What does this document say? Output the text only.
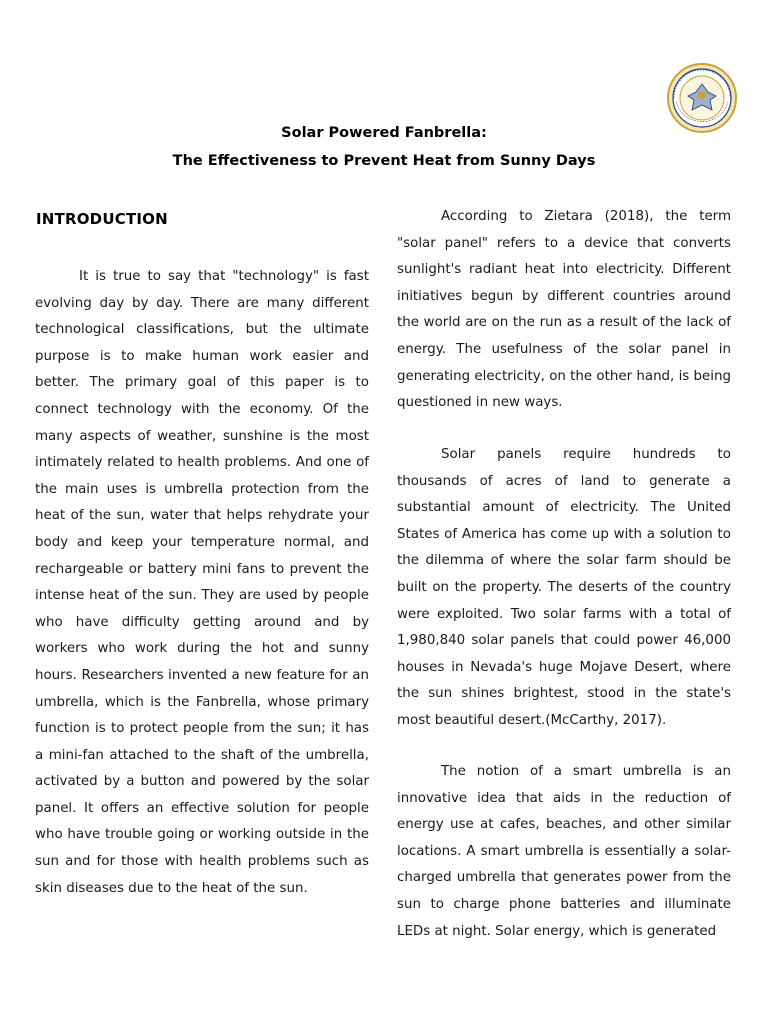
Solar Powered Fanbrella:
The Effectiveness to Prevent Heat from Sunny Days
INTRODUCTION

It is true to say that "technology" is fast evolving day by day. There are many different technological classifications, but the ultimate purpose is to make human work easier and better. The primary goal of this paper is to connect technology with the economy. Of the many aspects of weather, sunshine is the most intimately related to health problems. And one of the main uses is umbrella protection from the heat of the sun, water that helps rehydrate your body and keep your temperature normal, and rechargeable or battery mini fans to prevent the intense heat of the sun. They are used by people who have difficulty getting around and by workers who work during the hot and sunny hours. Researchers invented a new feature for an umbrella, which is the Fanbrella, whose primary function is to protect people from the sun; it has a mini-fan attached to the shaft of the umbrella, activated by a button and powered by the solar panel. It offers an effective solution for people who have trouble going or working outside in the sun and for those with health problems such as skin diseases due to the heat of the sun.

According to Zietara (2018), the term "solar panel" refers to a device that converts sunlight's radiant heat into electricity. Different initiatives begun by different countries around the world are on the run as a result of the lack of energy. The usefulness of the solar panel in generating electricity, on the other hand, is being questioned in new ways.

Solar panels require hundreds to thousands of acres of land to generate a substantial amount of electricity. The United States of America has come up with a solution to the dilemma of where the solar farm should be built on the property. The deserts of the country were exploited. Two solar farms with a total of 1,980,840 solar panels that could power 46,000 houses in Nevada's huge Mojave Desert, where the sun shines brightest, stood in the state's most beautiful desert.(McCarthy, 2017).

The notion of a smart umbrella is an innovative idea that aids in the reduction of energy use at cafes, beaches, and other similar locations. A smart umbrella is essentially a solar-charged umbrella that generates power from the sun to charge phone batteries and illuminate LEDs at night. Solar energy, which is generated
